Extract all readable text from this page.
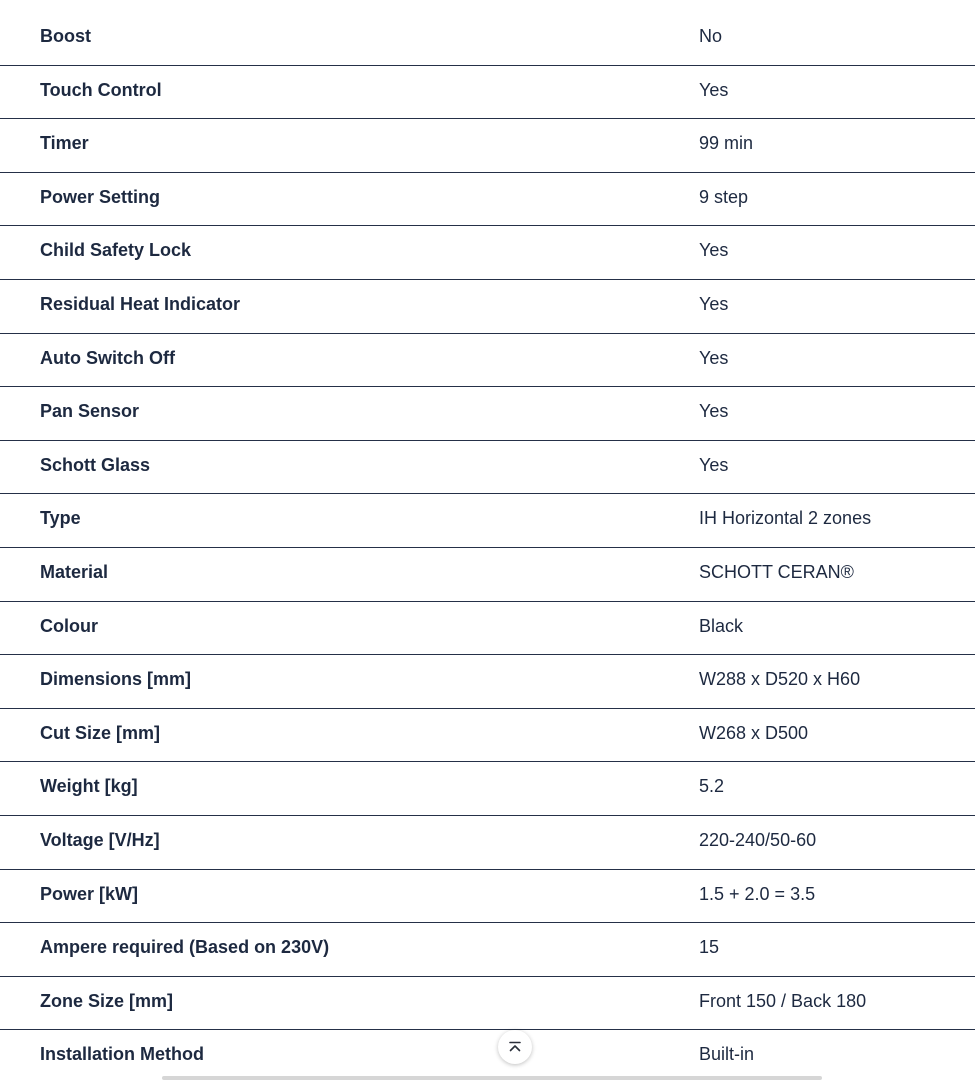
Boost	No
Touch Control	Yes
Timer	99 min
Power Setting	9 step
Child Safety Lock	Yes
Residual Heat Indicator	Yes
Auto Switch Off	Yes
Pan Sensor	Yes
Schott Glass	Yes
Type	IH Horizontal 2 zones
Material	SCHOTT CERAN®
Colour	Black
Dimensions [mm]	W288 x D520 x H60
Cut Size [mm]	W268 x D500
Weight [kg]	5.2
Voltage [V/Hz]	220-240/50-60
Power [kW]	1.5 + 2.0 = 3.5
Ampere required (Based on 230V)	15
Zone Size [mm]	Front 150 / Back 180
Installation Method	Built-in
